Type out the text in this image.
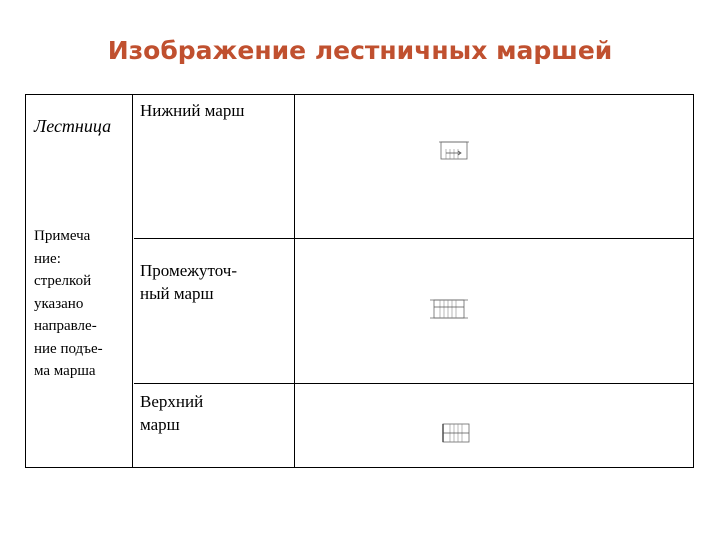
Изображение лестничных маршей
Лестница
Примеча
ние:
стрелкой
указано
направле-
ние подъе-
ма марша
Нижний марш
Промежуточ-
ный марш
Верхний
марш
